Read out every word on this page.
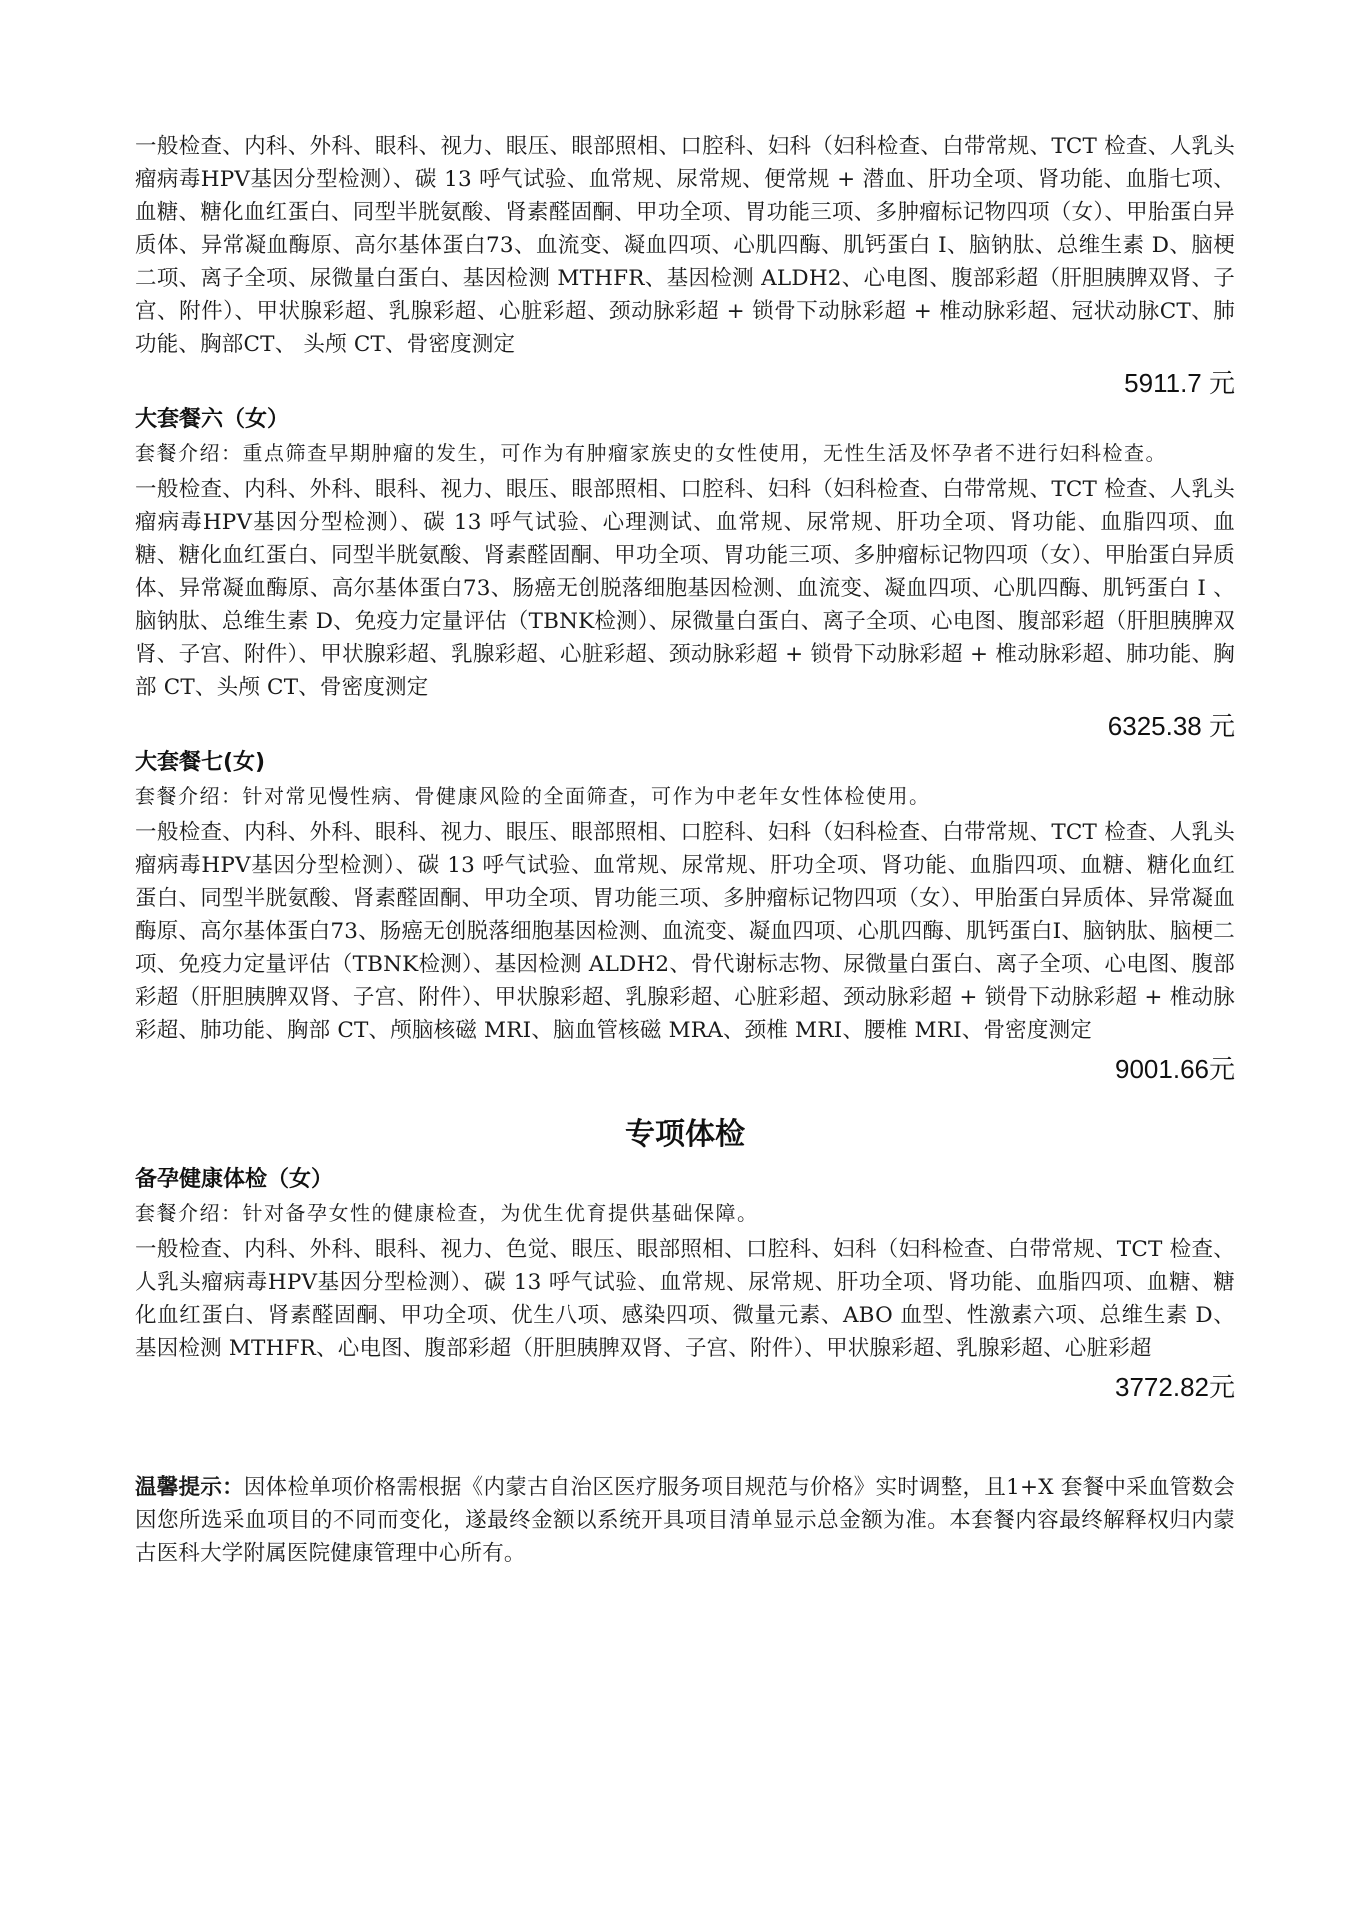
一般检查、内科、外科、眼科、视力、眼压、眼部照相、口腔科、妇科（妇科检查、白带常规、TCT 检查、人乳头瘤病毒HPV基因分型检测）、碳 13 呼气试验、血常规、尿常规、便常规 + 潜血、肝功全项、肾功能、血脂七项、血糖、糖化血红蛋白、同型半胱氨酸、肾素醛固酮、甲功全项、胃功能三项、多肿瘤标记物四项（女）、甲胎蛋白异质体、异常凝血酶原、高尔基体蛋白73、血流变、凝血四项、心肌四酶、肌钙蛋白 I、脑钠肽、总维生素 D、脑梗二项、离子全项、尿微量白蛋白、基因检测 MTHFR、基因检测 ALDH2、心电图、腹部彩超（肝胆胰脾双肾、子宫、附件）、甲状腺彩超、乳腺彩超、心脏彩超、颈动脉彩超 + 锁骨下动脉彩超 + 椎动脉彩超、冠状动脉CT、肺功能、胸部CT、 头颅 CT、骨密度测定

5911.7 元

大套餐六（女）

套餐介绍：重点筛查早期肿瘤的发生，可作为有肿瘤家族史的女性使用，无性生活及怀孕者不进行妇科检查。

一般检查、内科、外科、眼科、视力、眼压、眼部照相、口腔科、妇科（妇科检查、白带常规、TCT 检查、人乳头瘤病毒HPV基因分型检测）、碳 13 呼气试验、心理测试、血常规、尿常规、肝功全项、肾功能、血脂四项、血糖、糖化血红蛋白、同型半胱氨酸、肾素醛固酮、甲功全项、胃功能三项、多肿瘤标记物四项（女）、甲胎蛋白异质体、异常凝血酶原、高尔基体蛋白73、肠癌无创脱落细胞基因检测、血流变、凝血四项、心肌四酶、肌钙蛋白 I 、脑钠肽、总维生素 D、免疫力定量评估（TBNK检测）、尿微量白蛋白、离子全项、心电图、腹部彩超（肝胆胰脾双肾、子宫、附件）、甲状腺彩超、乳腺彩超、心脏彩超、颈动脉彩超 + 锁骨下动脉彩超 + 椎动脉彩超、肺功能、胸部 CT、头颅 CT、骨密度测定

6325.38 元

大套餐七(女)

套餐介绍：针对常见慢性病、骨健康风险的全面筛查，可作为中老年女性体检使用。

一般检查、内科、外科、眼科、视力、眼压、眼部照相、口腔科、妇科（妇科检查、白带常规、TCT 检查、人乳头瘤病毒HPV基因分型检测）、碳 13 呼气试验、血常规、尿常规、肝功全项、肾功能、血脂四项、血糖、糖化血红蛋白、同型半胱氨酸、肾素醛固酮、甲功全项、胃功能三项、多肿瘤标记物四项（女）、甲胎蛋白异质体、异常凝血酶原、高尔基体蛋白73、肠癌无创脱落细胞基因检测、血流变、凝血四项、心肌四酶、肌钙蛋白I、脑钠肽、脑梗二项、免疫力定量评估（TBNK检测）、基因检测 ALDH2、骨代谢标志物、尿微量白蛋白、离子全项、心电图、腹部彩超（肝胆胰脾双肾、子宫、附件）、甲状腺彩超、乳腺彩超、心脏彩超、颈动脉彩超 + 锁骨下动脉彩超 + 椎动脉彩超、肺功能、胸部 CT、颅脑核磁 MRI、脑血管核磁 MRA、颈椎 MRI、腰椎 MRI、骨密度测定

9001.66元

专项体检

备孕健康体检（女）

套餐介绍：针对备孕女性的健康检查，为优生优育提供基础保障。

一般检查、内科、外科、眼科、视力、色觉、眼压、眼部照相、口腔科、妇科（妇科检查、白带常规、TCT 检查、人乳头瘤病毒HPV基因分型检测）、碳 13 呼气试验、血常规、尿常规、肝功全项、肾功能、血脂四项、血糖、糖化血红蛋白、肾素醛固酮、甲功全项、优生八项、感染四项、微量元素、ABO 血型、性激素六项、总维生素 D、基因检测 MTHFR、心电图、腹部彩超（肝胆胰脾双肾、子宫、附件）、甲状腺彩超、乳腺彩超、心脏彩超

3772.82元

温馨提示：因体检单项价格需根据《内蒙古自治区医疗服务项目规范与价格》实时调整，且1+X 套餐中采血管数会因您所选采血项目的不同而变化，遂最终金额以系统开具项目清单显示总金额为准。本套餐内容最终解释权归内蒙古医科大学附属医院健康管理中心所有。
